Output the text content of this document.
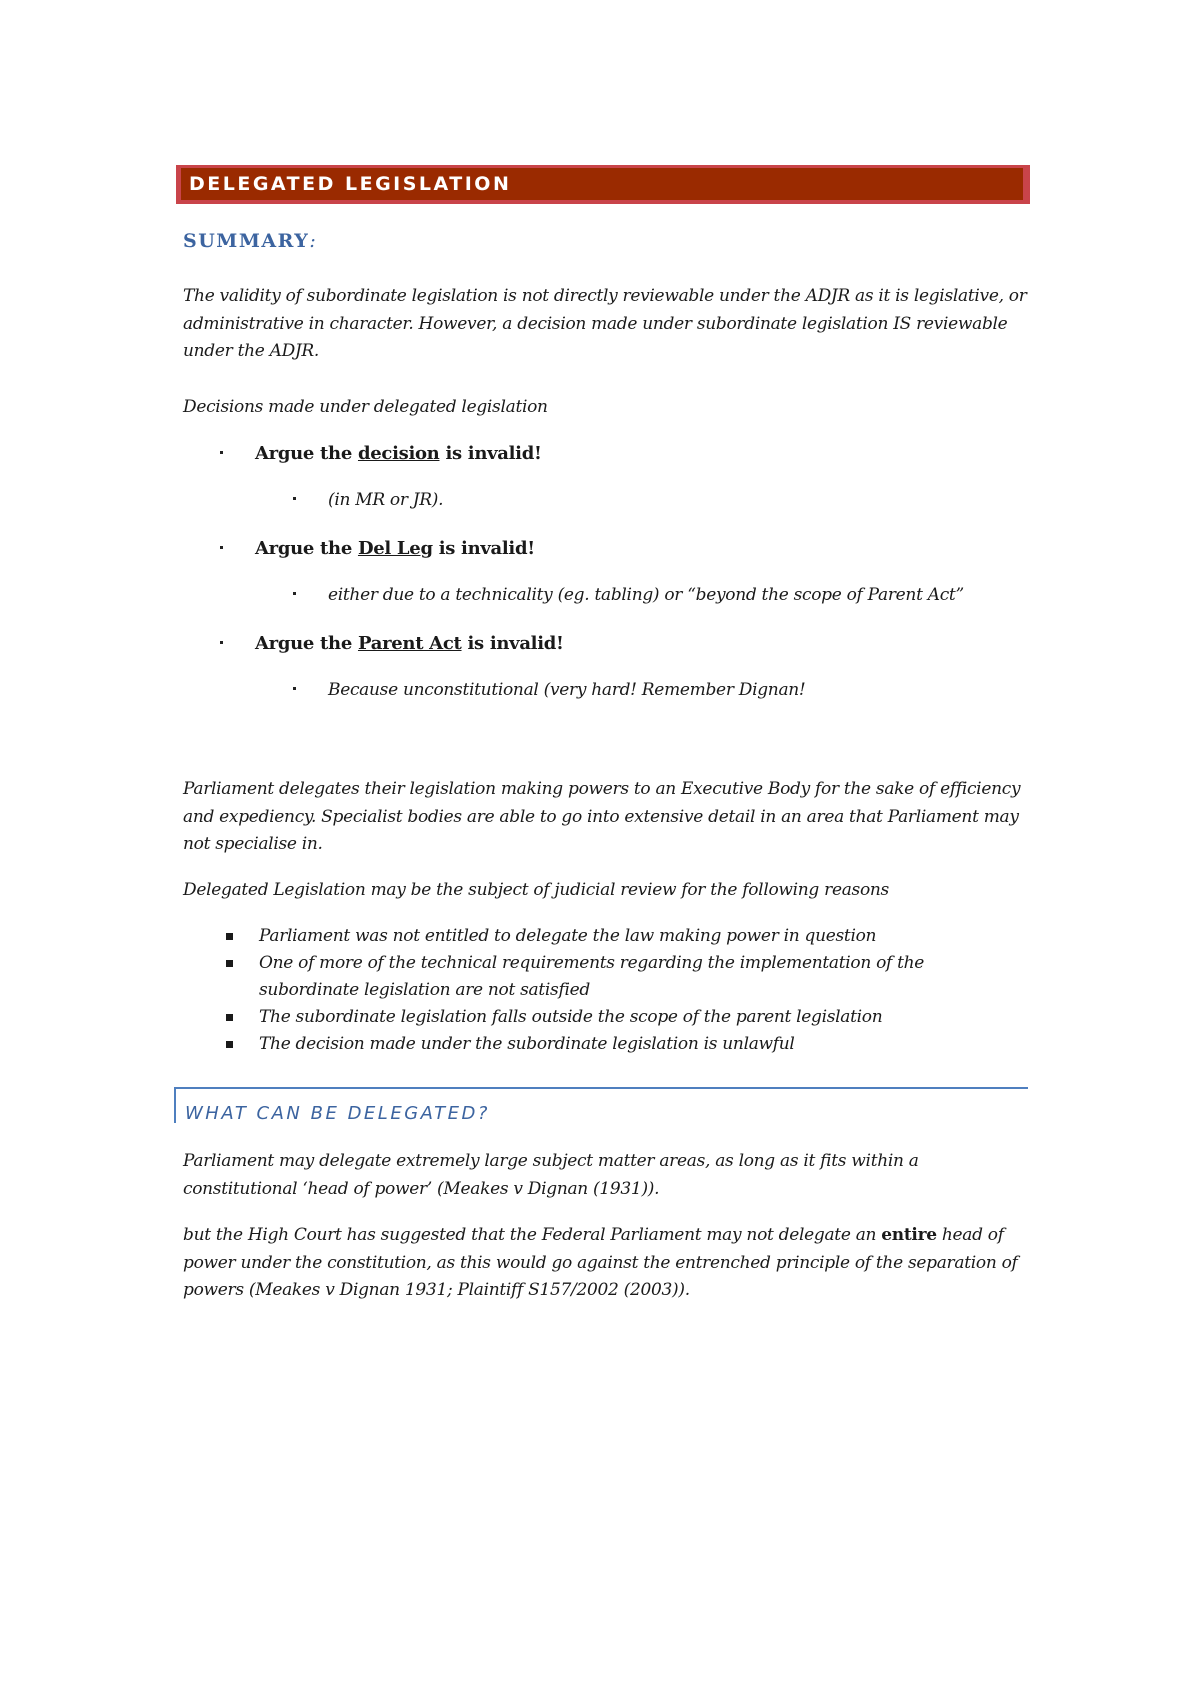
DELEGATED LEGISLATION
SUMMARY:

The validity of subordinate legislation is not directly reviewable under the ADJR as it is legislative, or administrative in character. However, a decision made under subordinate legislation IS reviewable under the ADJR.

Decisions made under delegated legislation

Argue the decision is invalid!
(in MR or JR).
Argue the Del Leg is invalid!
either due to a technicality (eg. tabling) or “beyond the scope of Parent Act”
Argue the Parent Act is invalid!
Because unconstitutional (very hard! Remember Dignan!

Parliament delegates their legislation making powers to an Executive Body for the sake of efficiency and expediency. Specialist bodies are able to go into extensive detail in an area that Parliament may not specialise in.

Delegated Legislation may be the subject of judicial review for the following reasons

Parliament was not entitled to delegate the law making power in question
One of more of the technical requirements regarding the implementation of the subordinate legislation are not satisfied
The subordinate legislation falls outside the scope of the parent legislation
The decision made under the subordinate legislation is unlawful
WHAT CAN BE DELEGATED?

Parliament may delegate extremely large subject matter areas, as long as it fits within a constitutional ‘head of power’ (Meakes v Dignan (1931)).

but the High Court has suggested that the Federal Parliament may not delegate an entire head of power under the constitution, as this would go against the entrenched principle of the separation of powers (Meakes v Dignan 1931; Plaintiff S157/2002 (2003)).
